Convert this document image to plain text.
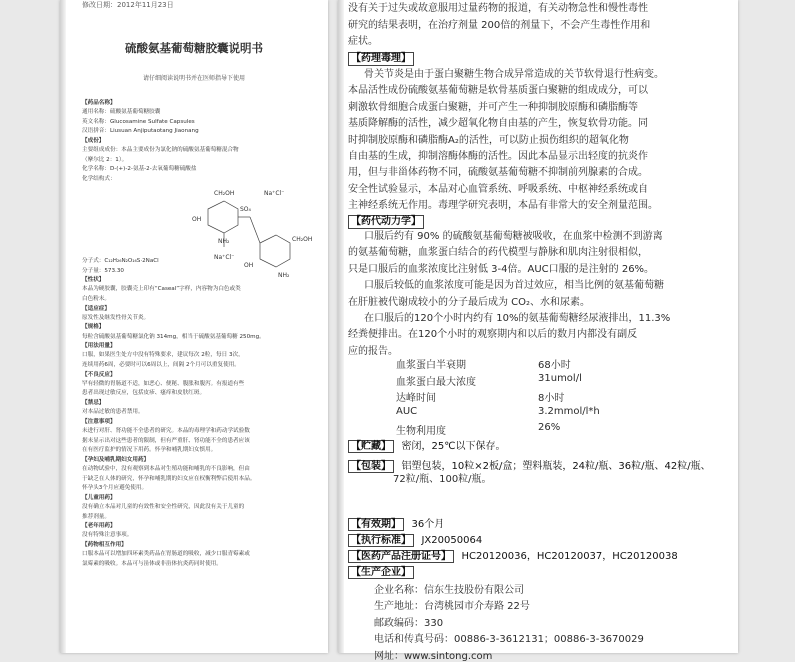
修改日期：2012年11月23日
硫酸氨基葡萄糖胶囊说明书
请仔细阅读说明书并在医师指导下使用
【药品名称】
通用名称：硫酸氨基葡萄糖胶囊
英文名称：Glucosamine Sulfate Capsules
汉语拼音：Liusuan Anjiputaotang Jiaonang
【成份】
主要组成成份：本品主要成份为氯化钠的硫酸氨基葡萄糖混合物
（摩尔比 2：1）。
化学名称：D-(+)-2-氨基-2-去氧葡萄糖硫酸盐
化学结构式：
分子式：C₁₂H₂₆N₂O₁₆S·2NaCl
分子量：573.30
【性状】
本品为硬胶囊，胶囊壳上印有“Caseal”字样，内容物为白色或类
白色粉末。
【适应症】
原发性及继发性骨关节炎。
【规格】
每粒含硫酸氨基葡萄糖氯化钠 314mg，相当于硫酸氨基葡萄糖 250mg。
【用法用量】
口服，如果医生处方中没有特殊要求，建议每次 2粒，每日 3次，
连续用药6周，必要时可以6周以上，间隔 2个月可以重复使用。
【不良反应】
罕有轻微的胃肠道不适，如恶心、便秘、腹胀和腹泻。有报道有些
患者出现过敏反应，包括皮疹、瘙痒和皮肤红斑。
【禁忌】
对本品过敏的患者禁用。
【注意事项】
未进行对肝、肾功能不全患者的研究。本品的毒理学和药动学试验数
据未显示出对这些患者的限制，但有严重肝、肾功能不全的患者应该
在有医疗监护的情况下用药。怀孕和哺乳期妇女慎用。
【孕妇及哺乳期妇女用药】
在动物试验中，没有观察到本品对生殖功能和哺乳的不良影响，但由
于缺乏在人体的研究，怀孕和哺乳期的妇女应在权衡利弊后使用本品。
怀孕头3个月应避免使用。
【儿童用药】
没有确立本品对儿童的有效性和安全性研究，因此没有关于儿童的
推荐剂量。
【老年用药】
没有特殊注意事项。
【药物相互作用】
口服本品可以增加四环素类药品在胃肠道的吸收，减少口服青霉素或
氯霉素的吸收。本品可与甾体或非甾体抗炎药同时使用。
Na⁺Cl⁻
Na⁺Cl⁻
SO₄
NH₂
NH₂
OH
OH
CH₂OH
CH₂OH
没有关于过失或故意服用过量药物的报道，有关动物急性和慢性毒性
研究的结果表明，在治疗剂量 200倍的剂量下，不会产生毒性作用和
症状。
【药理毒理】
骨关节炎是由于蛋白聚糖生物合成异常造成的关节软骨退行性病变。
本品活性成份硫酸氨基葡萄糖是软骨基质蛋白聚糖的组成成分，可以
刺激软骨细胞合成蛋白聚糖，并可产生一种抑制胶原酶和磷脂酶等
基质降解酶的活性，减少超氧化物自由基的产生，恢复软骨功能。同
时抑制胶原酶和磷脂酶A₂的活性，可以防止损伤组织的超氧化物
自由基的生成，抑制溶酶体酶的活性。因此本品显示出轻度的抗炎作
用，但与非甾体药物不同，硫酸氨基葡萄糖不抑制前列腺素的合成。
安全性试验显示，本品对心血管系统、呼吸系统、中枢神经系统或自
主神经系统无作用。毒理学研究表明，本品有非常大的安全剂量范围。
【药代动力学】
口服后约有 90% 的硫酸氨基葡萄糖被吸收，在血浆中检测不到游离
的氨基葡萄糖，血浆蛋白结合的药代模型与静脉和肌肉注射很相似，
只是口服后的血浆浓度比注射低 3-4倍。AUC口服的是注射的 26%。
口服后较低的血浆浓度可能是因为首过效应，相当比例的氨基葡萄糖
在肝脏被代谢成较小的分子最后成为 CO₂、水和尿素。
在口服后的120个小时内约有 10%的氨基葡萄糖经尿液排出，11.3%
经粪便排出。在120个小时的观察期内和以后的数月内都没有副反
应的报告。
血浆蛋白半衰期	68小时
血浆蛋白最大浓度	31umol/l
达峰时间	8小时
AUC	3.2mmol/l*h
生物利用度	26%
【贮藏】 密闭，25℃以下保存。
【包装】 铝塑包装，10粒×2板/盒；塑料瓶装，24粒/瓶、36粒/瓶、42粒/瓶、
72粒/瓶、100粒/瓶。
【有效期】 36个月
【执行标准】 JX20050064
【医药产品注册证号】 HC20120036，HC20120037，HC20120038
【生产企业】
企业名称：信东生技股份有限公司
生产地址：台湾桃园市介寿路 22号
邮政编码：330
电话和传真号码：00886-3-3612131；00886-3-3670029
网址：www.sintong.com
